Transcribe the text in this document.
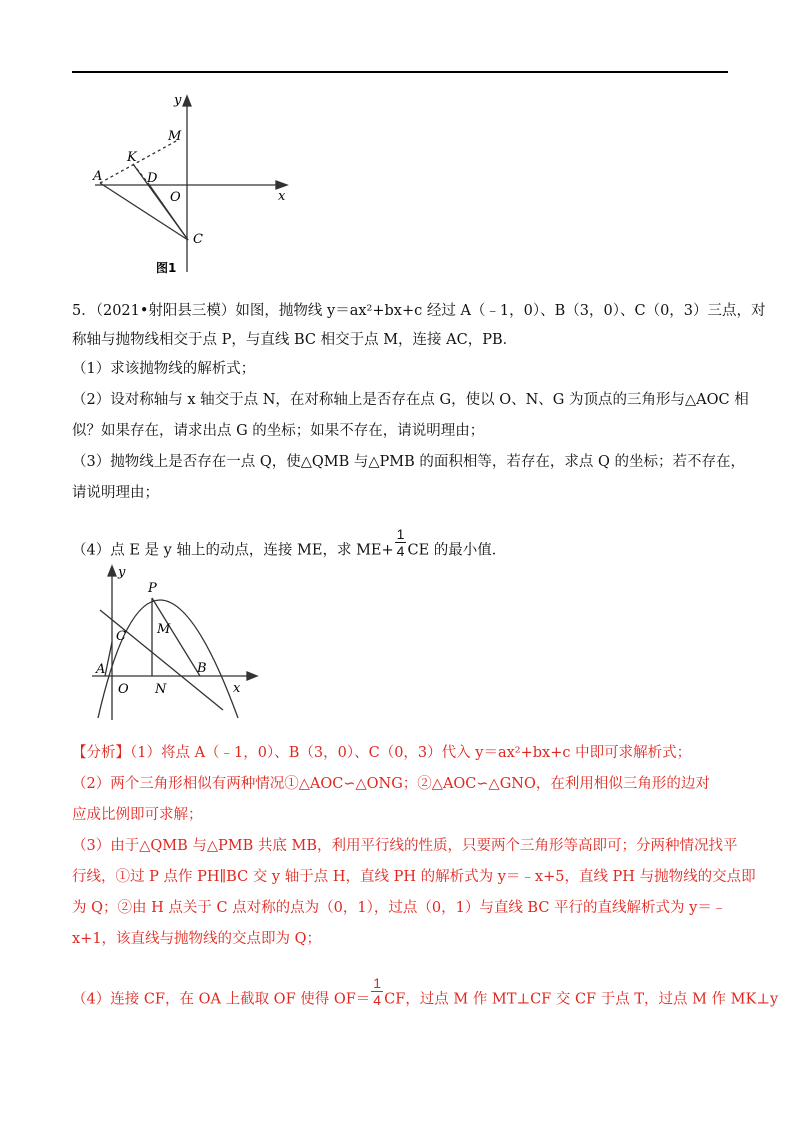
y
M
K
A	D
O	x
C
图1
5．（2021•射阳县三模）如图，抛物线 y＝ax²+bx+c 经过 A（﹣1，0）、B（3，0）、C（0，3）三点，对
称轴与抛物线相交于点 P，与直线 BC 相交于点 M，连接 AC，PB．
（1）求该抛物线的解析式；
（2）设对称轴与 x 轴交于点 N，在对称轴上是否存在点 G，使以 O、N、G 为顶点的三角形与△AOC 相
似？如果存在，请求出点 G 的坐标；如果不存在，请说明理由；
（3）抛物线上是否存在一点 Q，使△QMB 与△PMB 的面积相等，若存在，求点 Q 的坐标；若不存在，
请说明理由；
（4）点 E 是 y 轴上的动点，连接 ME，求 $ME+ \frac{1}{4}$ CE 的最小值．
y
P
C M
A	B
O N	x
【分析】（1）将点 A（﹣1，0）、B（3，0）、C（0，3）代入 y＝ax²+bx+c 中即可求解析式；
（2）两个三角形相似有两种情况①△AOC∽△ONG；②△AOC∽△GNO，在利用相似三角形的边对
应成比例即可求解；
（3）由于△QMB 与△PMB 共底 MB，利用平行线的性质，只要两个三角形等高即可；分两种情况找平
行线，①过 P 点作 PH∥BC 交 y 轴于点 H，直线 PH 的解析式为 y＝﹣x+5，直线 PH 与抛物线的交点即
为 Q；②由 H 点关于 C 点对称的点为（0，1），过点（0，1）与直线 BC 平行的直线解析式为 y＝﹣
x+1，该直线与抛物线的交点即为 Q；
（4）连接 CF，在 OA 上截取 OF 使得 $OF= \frac{1}{4}$ CF，过点 M 作 MT⊥CF 交 CF 于点 T，过点 M 作 MK⊥y
